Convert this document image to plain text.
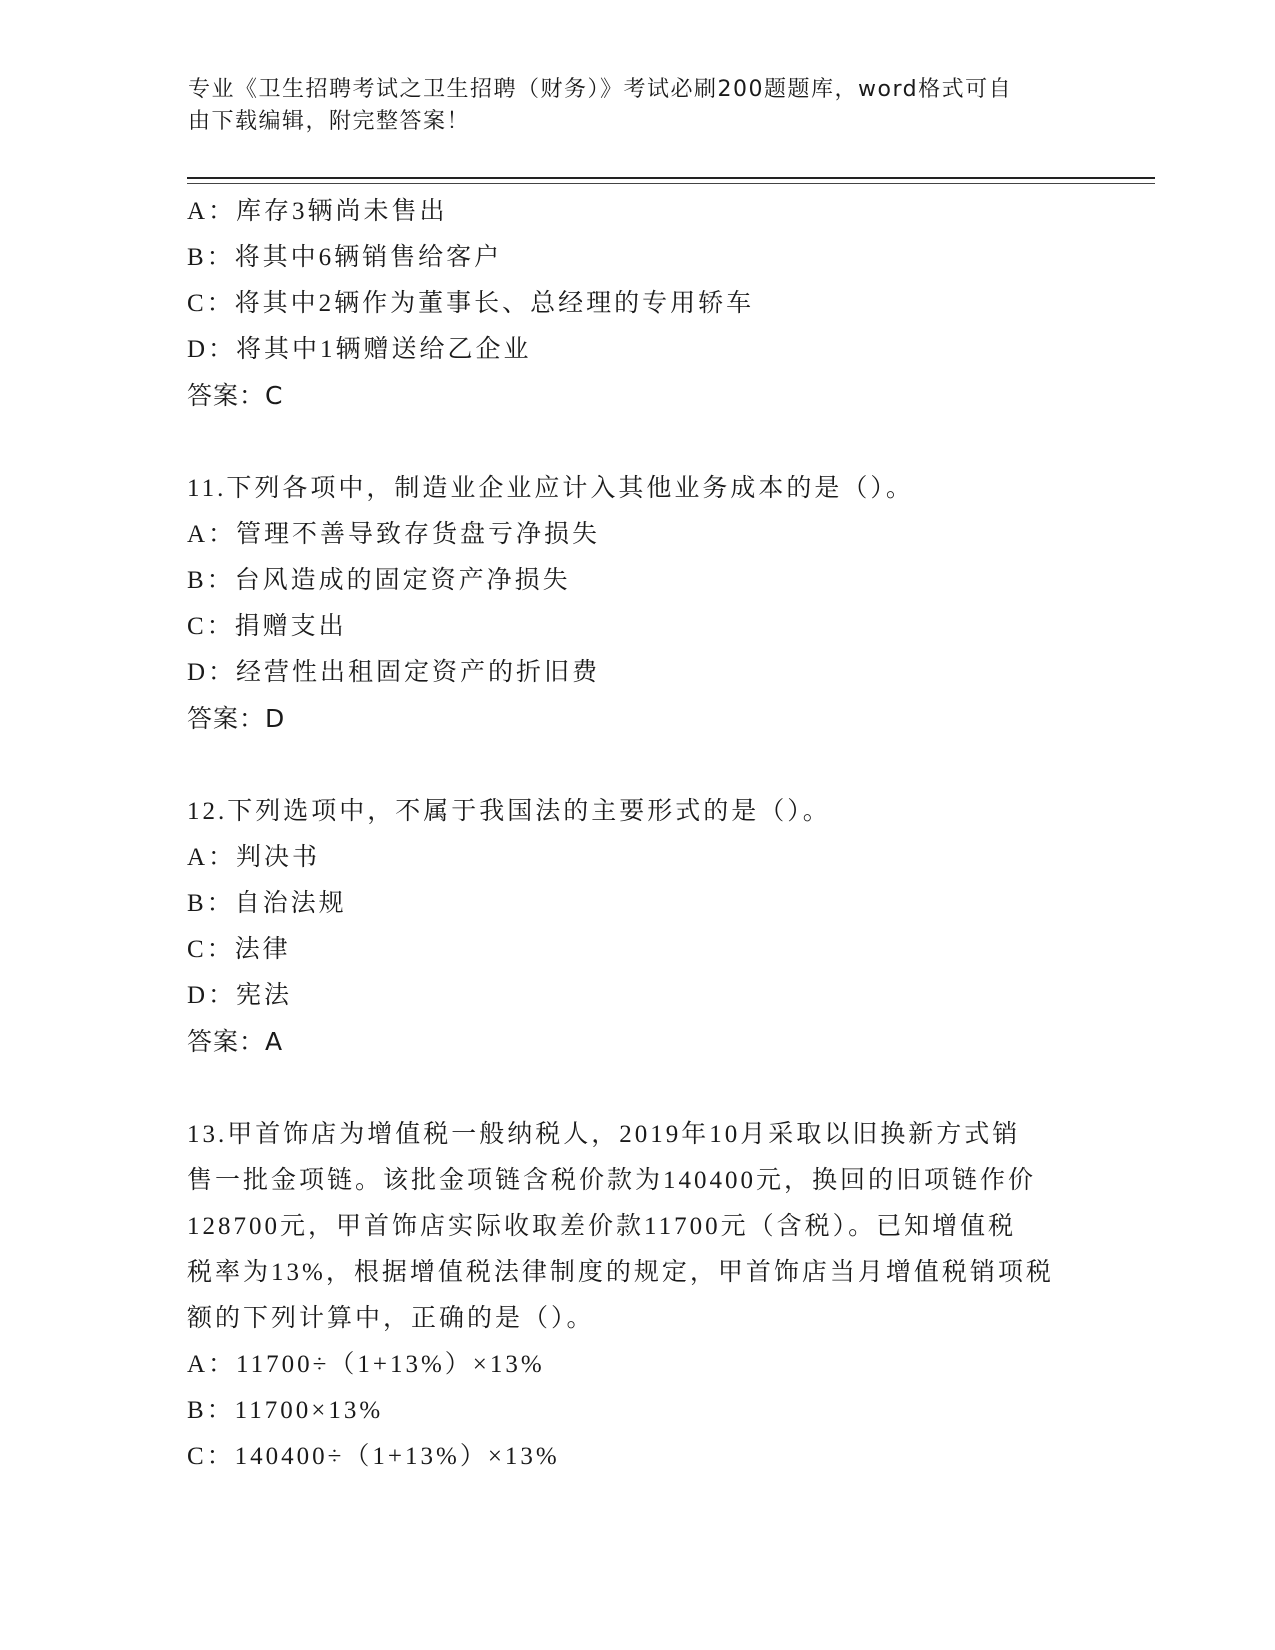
专业《卫生招聘考试之卫生招聘（财务）》考试必刷200题题库，word格式可自
由下载编辑，附完整答案！
A：库存3辆尚未售出
B：将其中6辆销售给客户
C：将其中2辆作为董事长、总经理的专用轿车
D：将其中1辆赠送给乙企业
答案：C
11.下列各项中，制造业企业应计入其他业务成本的是（）。
A：管理不善导致存货盘亏净损失
B：台风造成的固定资产净损失
C：捐赠支出
D：经营性出租固定资产的折旧费
答案：D
12.下列选项中，不属于我国法的主要形式的是（）。
A：判决书
B：自治法规
C：法律
D：宪法
答案：A
13.甲首饰店为增值税一般纳税人，2019年10月采取以旧换新方式销
售一批金项链。该批金项链含税价款为140400元，换回的旧项链作价
128700元，甲首饰店实际收取差价款11700元（含税）。已知增值税
税率为13%，根据增值税法律制度的规定，甲首饰店当月增值税销项税
额的下列计算中，正确的是（）。
A：11700÷（1+13%）×13%
B：11700×13%
C：140400÷（1+13%）×13%
